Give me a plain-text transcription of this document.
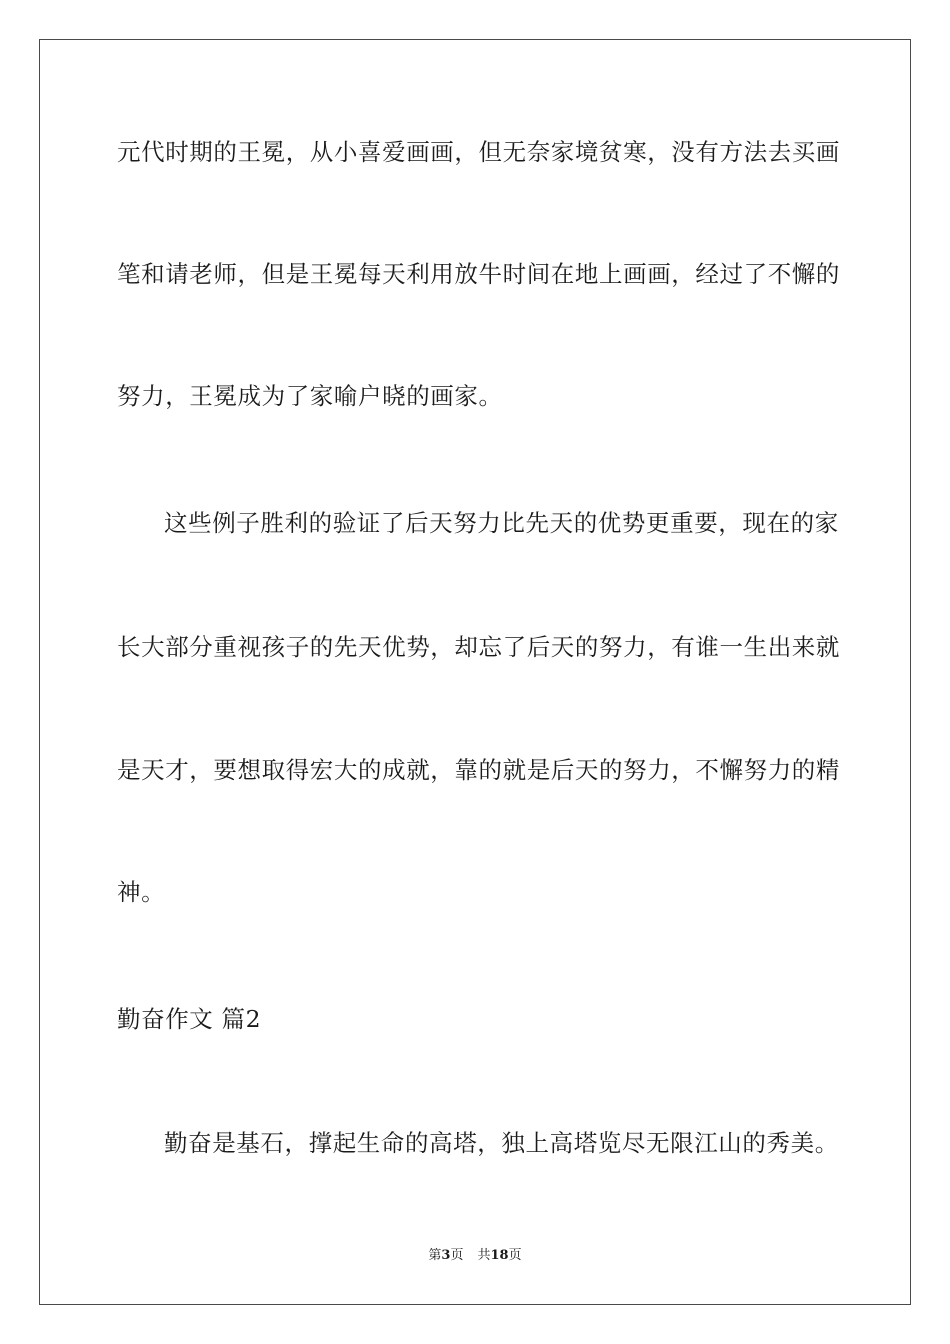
元代时期的王冕，从小喜爱画画，但无奈家境贫寒，没有方法去买画
笔和请老师，但是王冕每天利用放牛时间在地上画画，经过了不懈的
努力，王冕成为了家喻户晓的画家。
这些例子胜利的验证了后天努力比先天的优势更重要，现在的家
长大部分重视孩子的先天优势，却忘了后天的努力，有谁一生出来就
是天才，要想取得宏大的成就，靠的就是后天的努力，不懈努力的精
神。
勤奋作文 篇2
勤奋是基石，撑起生命的高塔，独上高塔览尽无限江山的秀美。
第3页 共18页
